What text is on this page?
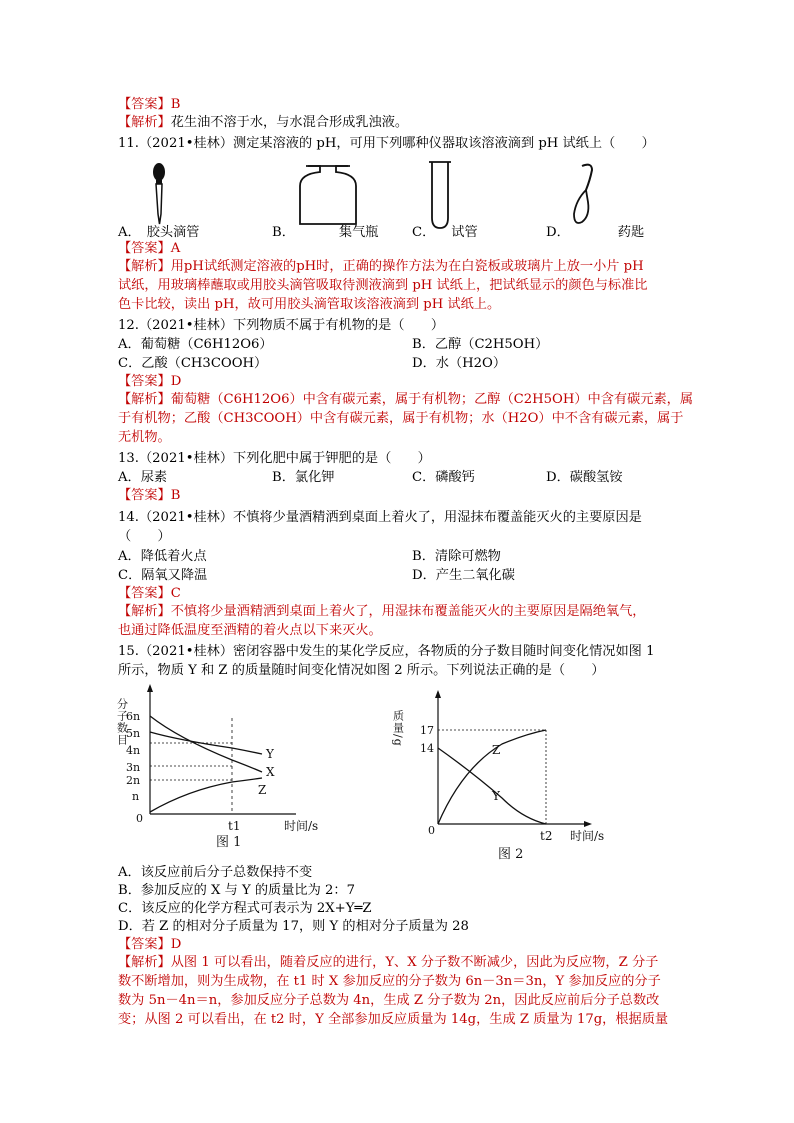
【答案】B
【解析】花生油不溶于水，与水混合形成乳浊液。
11.（2021•桂林）测定某溶液的 pH，可用下列哪种仪器取该溶液滴到 pH 试纸上（　　）
A． 胶头滴管	B．	集气瓶	C． 试管	D．	药匙
【答案】A
【解析】用pH试纸测定溶液的pH时，正确的操作方法为在白瓷板或玻璃片上放一小片 pH
试纸，用玻璃棒蘸取或用胶头滴管吸取待测液滴到 pH 试纸上，把试纸显示的颜色与标准比
色卡比较，读出 pH，故可用胶头滴管取该溶液滴到 pH 试纸上。
12.（2021•桂林）下列物质不属于有机物的是（　　）
A．葡萄糖（C6H12O6）	B．乙醇（C2H5OH）
C．乙酸（CH3COOH）	D．水（H2O）
【答案】D
【解析】葡萄糖（C6H12O6）中含有碳元素，属于有机物；乙醇（C2H5OH）中含有碳元素，属
于有机物；乙酸（CH3COOH）中含有碳元素，属于有机物；水（H2O）中不含有碳元素，属于
无机物。
13.（2021•桂林）下列化肥中属于钾肥的是（　　）
A．尿素	B．氯化钾	C．磷酸钙	D．碳酸氢铵
【答案】B
14.（2021•桂林）不慎将少量酒精洒到桌面上着火了，用湿抹布覆盖能灭火的主要原因是
（　　）
A．降低着火点	B．清除可燃物
C．隔氧又降温	D．产生二氧化碳
【答案】C
【解析】不慎将少量酒精洒到桌面上着火了，用湿抹布覆盖能灭火的主要原因是隔绝氧气，
也通过降低温度至酒精的着火点以下来灭火。
15.（2021•桂林）密闭容器中发生的某化学反应，各物质的分子数目随时间变化情况如图 1
所示，物质 Y 和 Z 的质量随时间变化情况如图 2 所示。下列说法正确的是（　　）
分子数目
6n
5n
4n
3n
2n
n
0
Y
X
Z
t1	时间/s
图 1
质量/g 17
14
0
Z
Y
t2 时间/s
图 2
A．该反应前后分子总数保持不变
B．参加反应的 X 与 Y 的质量比为 2：7
C．该反应的化学方程式可表示为 2X+Y═Z
D．若 Z 的相对分子质量为 17，则 Y 的相对分子质量为 28
【答案】D
【解析】从图 1 可以看出，随着反应的进行，Y、X 分子数不断减少，因此为反应物，Z 分子
数不断增加，则为生成物，在 t1 时 X 参加反应的分子数为 6n－3n＝3n，Y 参加反应的分子
数为 5n－4n＝n，参加反应分子总数为 4n，生成 Z 分子数为 2n，因此反应前后分子总数改
变；从图 2 可以看出，在 t2 时，Y 全部参加反应质量为 14g，生成 Z 质量为 17g，根据质量
